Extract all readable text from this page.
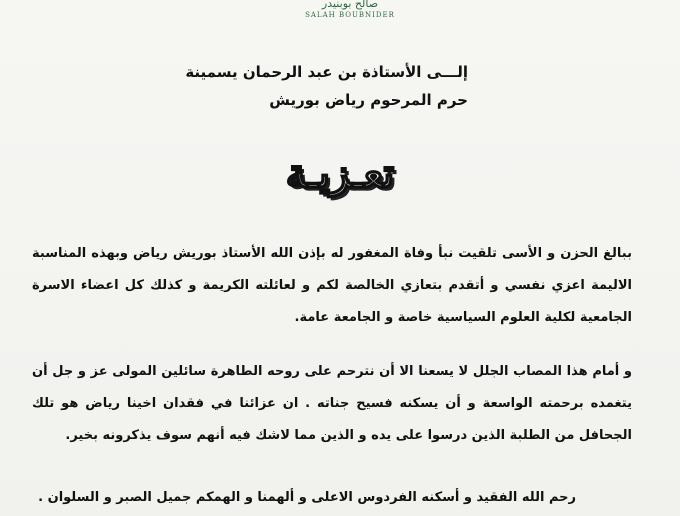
صالح بوبنيدر
SALAH BOUBNIDER
إلـــى الأستاذة بن عبد الرحمان يسمينة
حرم المرحوم رياض بوريش
تعـزيـة

ببالغ الحزن و الأسى تلقيت نبأ وفاة المغفور له بإذن الله الأستاذ بوريش رياض وبهذه المناسبة الاليمة اعزي نفسي و أتقدم بتعازي الخالصة لكم و لعائلته الكريمة و كذلك كل اعضاء الاسرة الجامعية لكلية العلوم السياسية خاصة و الجامعة عامة.

و أمام هذا المصاب الجلل لا يسعنا الا أن نترحم على روحه الطاهرة سائلين المولى عز و جل أن يتغمده برحمته الواسعة و أن يسكنه فسيح جناته . ان عزائنا في فقدان اخينا رياض هو تلك الجحافل من الطلبة الذين درسوا على يده و الذين مما لاشك فيه أنهم سوف يذكرونه بخير.

رحم الله الفقيد و أسكنه الفردوس الاعلى و ألهمنا و الهمكم جميل الصبر و السلوان .
